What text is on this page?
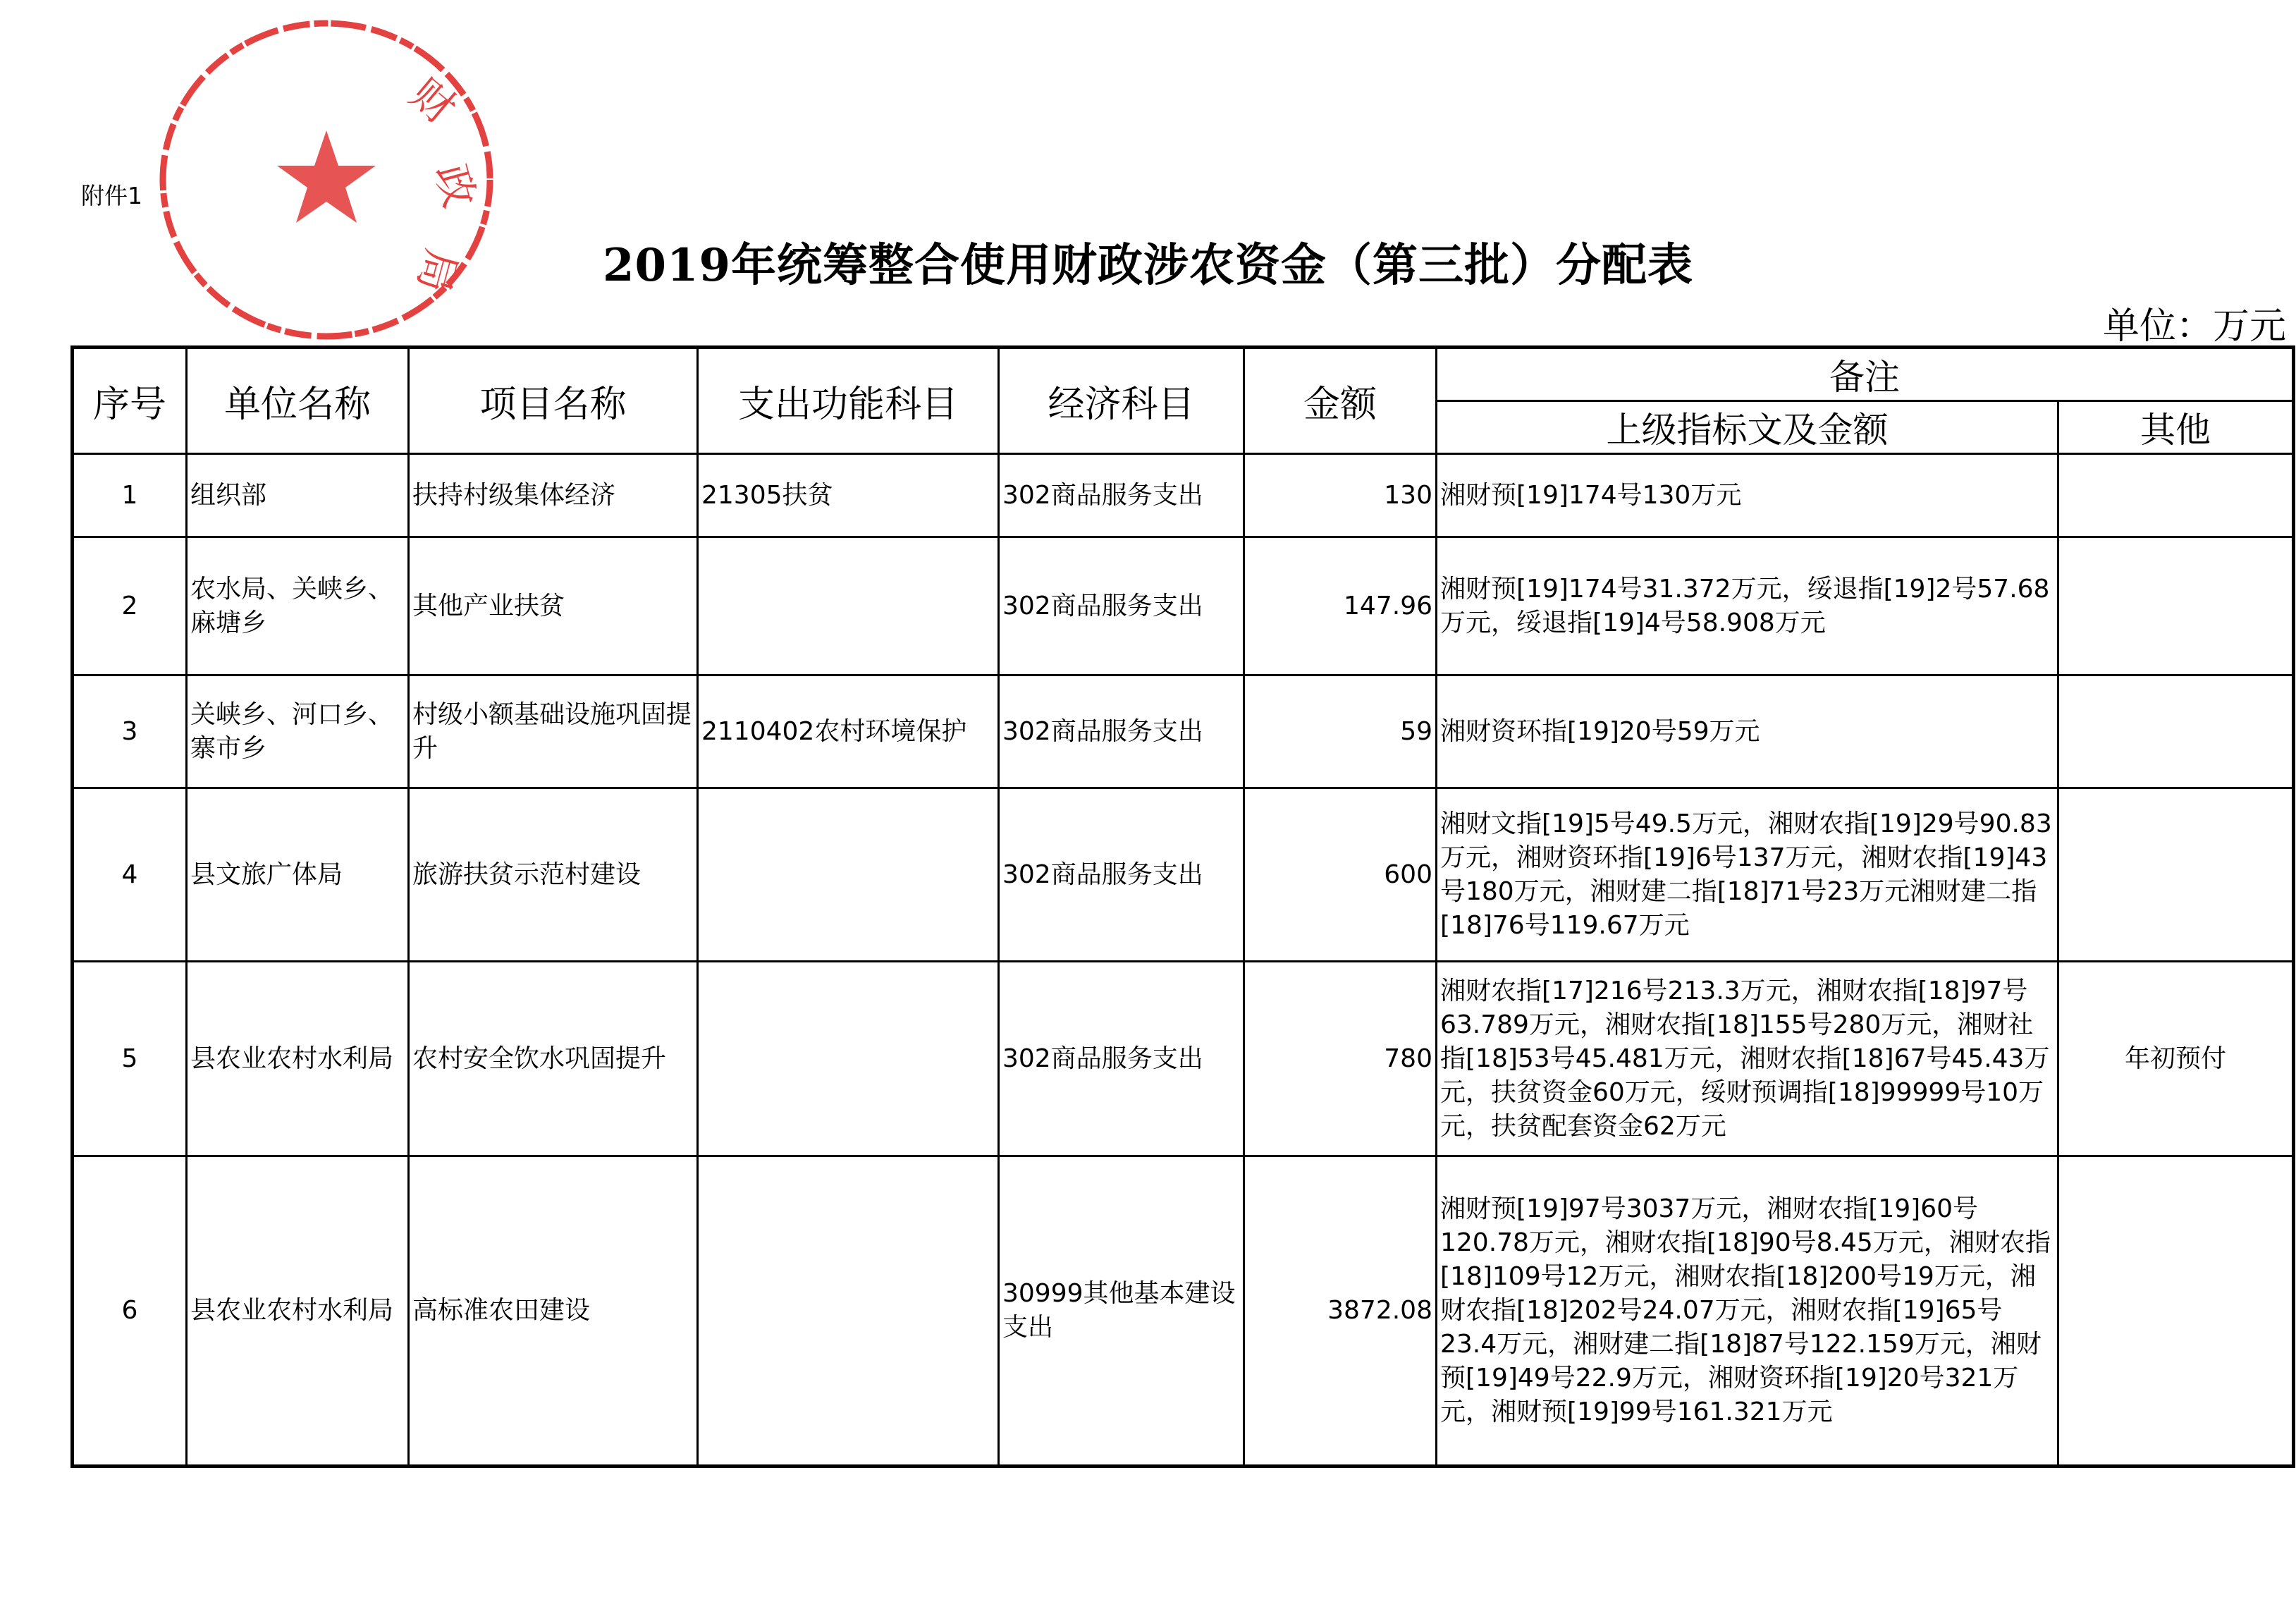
附件1
财
政
局	2019年统筹整合使用财政涉农资金（第三批）分配表
单位：万元
序号	单位名称	项目名称	支出功能科目	经济科目	金额	备注	
						上级指标文及金额	其他
1	组织部	扶持村级集体经济	21305扶贫	302商品服务支出	130	湘财预[19]174号130万元	
2	农水局、关峡乡、麻塘乡	其他产业扶贫		302商品服务支出	147.96	湘财预[19]174号31.372万元，绥退指[19]2号57.68万元，绥退指[19]4号58.908万元	
3	关峡乡、河口乡、寨市乡	村级小额基础设施巩固提升	2110402农村环境保护	302商品服务支出	59	湘财资环指[19]20号59万元	
4	县文旅广体局	旅游扶贫示范村建设		302商品服务支出	600	湘财文指[19]5号49.5万元，湘财农指[19]29号90.83万元，湘财资环指[19]6号137万元，湘财农指[19]43号180万元，湘财建二指[18]71号23万元湘财建二指[18]76号119.67万元	
5	县农业农村水利局	农村安全饮水巩固提升		302商品服务支出	780	湘财农指[17]216号213.3万元，湘财农指[18]97号63.789万元，湘财农指[18]155号280万元，湘财社指[18]53号45.481万元，湘财农指[18]67号45.43万元，扶贫资金60万元，绥财预调指[18]99999号10万元，扶贫配套资金62万元	年初预付
6	县农业农村水利局	高标准农田建设		30999其他基本建设支出	3872.08	湘财预[19]97号3037万元，湘财农指[19]60号120.78万元，湘财农指[18]90号8.45万元，湘财农指[18]109号12万元，湘财农指[18]200号19万元，湘财农指[18]202号24.07万元，湘财农指[19]65号23.4万元，湘财建二指[18]87号122.159万元，湘财预[19]49号22.9万元，湘财资环指[19]20号321万元，湘财预[19]99号161.321万元	
